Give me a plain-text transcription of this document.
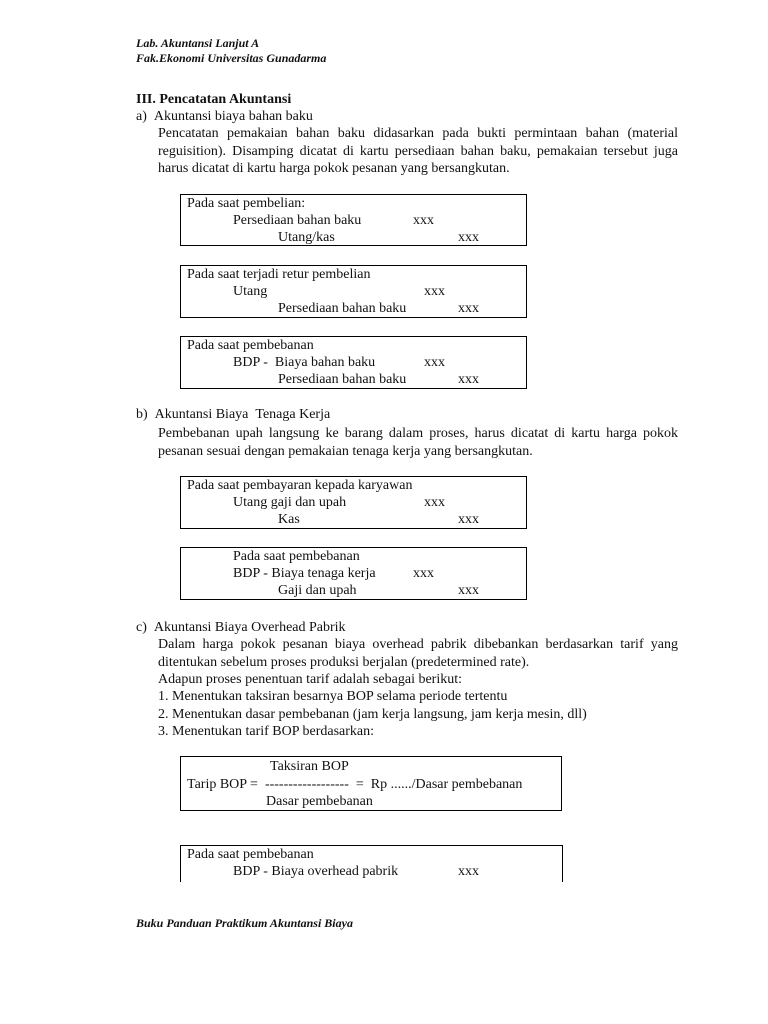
Lab. Akuntansi Lanjut A
Fak.Ekonomi Universitas Gunadarma
III. Pencatatan Akuntansi
a)  Akuntansi biaya bahan baku
Pencatatan pemakaian bahan baku didasarkan pada bukti permintaan bahan (material reguisition). Disamping dicatat di kartu persediaan bahan baku, pemakaian tersebut juga harus dicatat di kartu harga pokok pesanan yang bersangkutan.
Pada saat pembelian:
Persediaan bahan baku	xxx
Utang/kas	xxx
Pada saat terjadi retur pembelian
Utang	xxx
Persediaan bahan baku	xxx
Pada saat pembebanan
BDP -  Biaya bahan baku	xxx
Persediaan bahan baku	xxx
b)  Akuntansi Biaya  Tenaga Kerja
Pembebanan upah langsung ke barang dalam proses, harus dicatat di kartu harga pokok pesanan sesuai dengan pemakaian tenaga kerja yang bersangkutan.
Pada saat pembayaran kepada karyawan
Utang gaji dan upah	xxx
Kas	xxx
Pada saat pembebanan
BDP - Biaya tenaga kerja	xxx
Gaji dan upah	xxx
c)  Akuntansi Biaya Overhead Pabrik
Dalam harga pokok pesanan biaya overhead pabrik dibebankan berdasarkan tarif yang ditentukan sebelum proses produksi berjalan (predetermined rate).
Adapun proses penentuan tarif adalah sebagai berikut:
1. Menentukan taksiran besarnya BOP selama periode tertentu
2. Menentukan dasar pembebanan (jam kerja langsung, jam kerja mesin, dll)
3. Menentukan tarif BOP berdasarkan:
Taksiran BOP
Tarip BOP =  ------------------  =  Rp ....../Dasar pembebanan
Dasar pembebanan
Pada saat pembebanan
BDP - Biaya overhead pabrik	xxx
Buku Panduan Praktikum Akuntansi Biaya
